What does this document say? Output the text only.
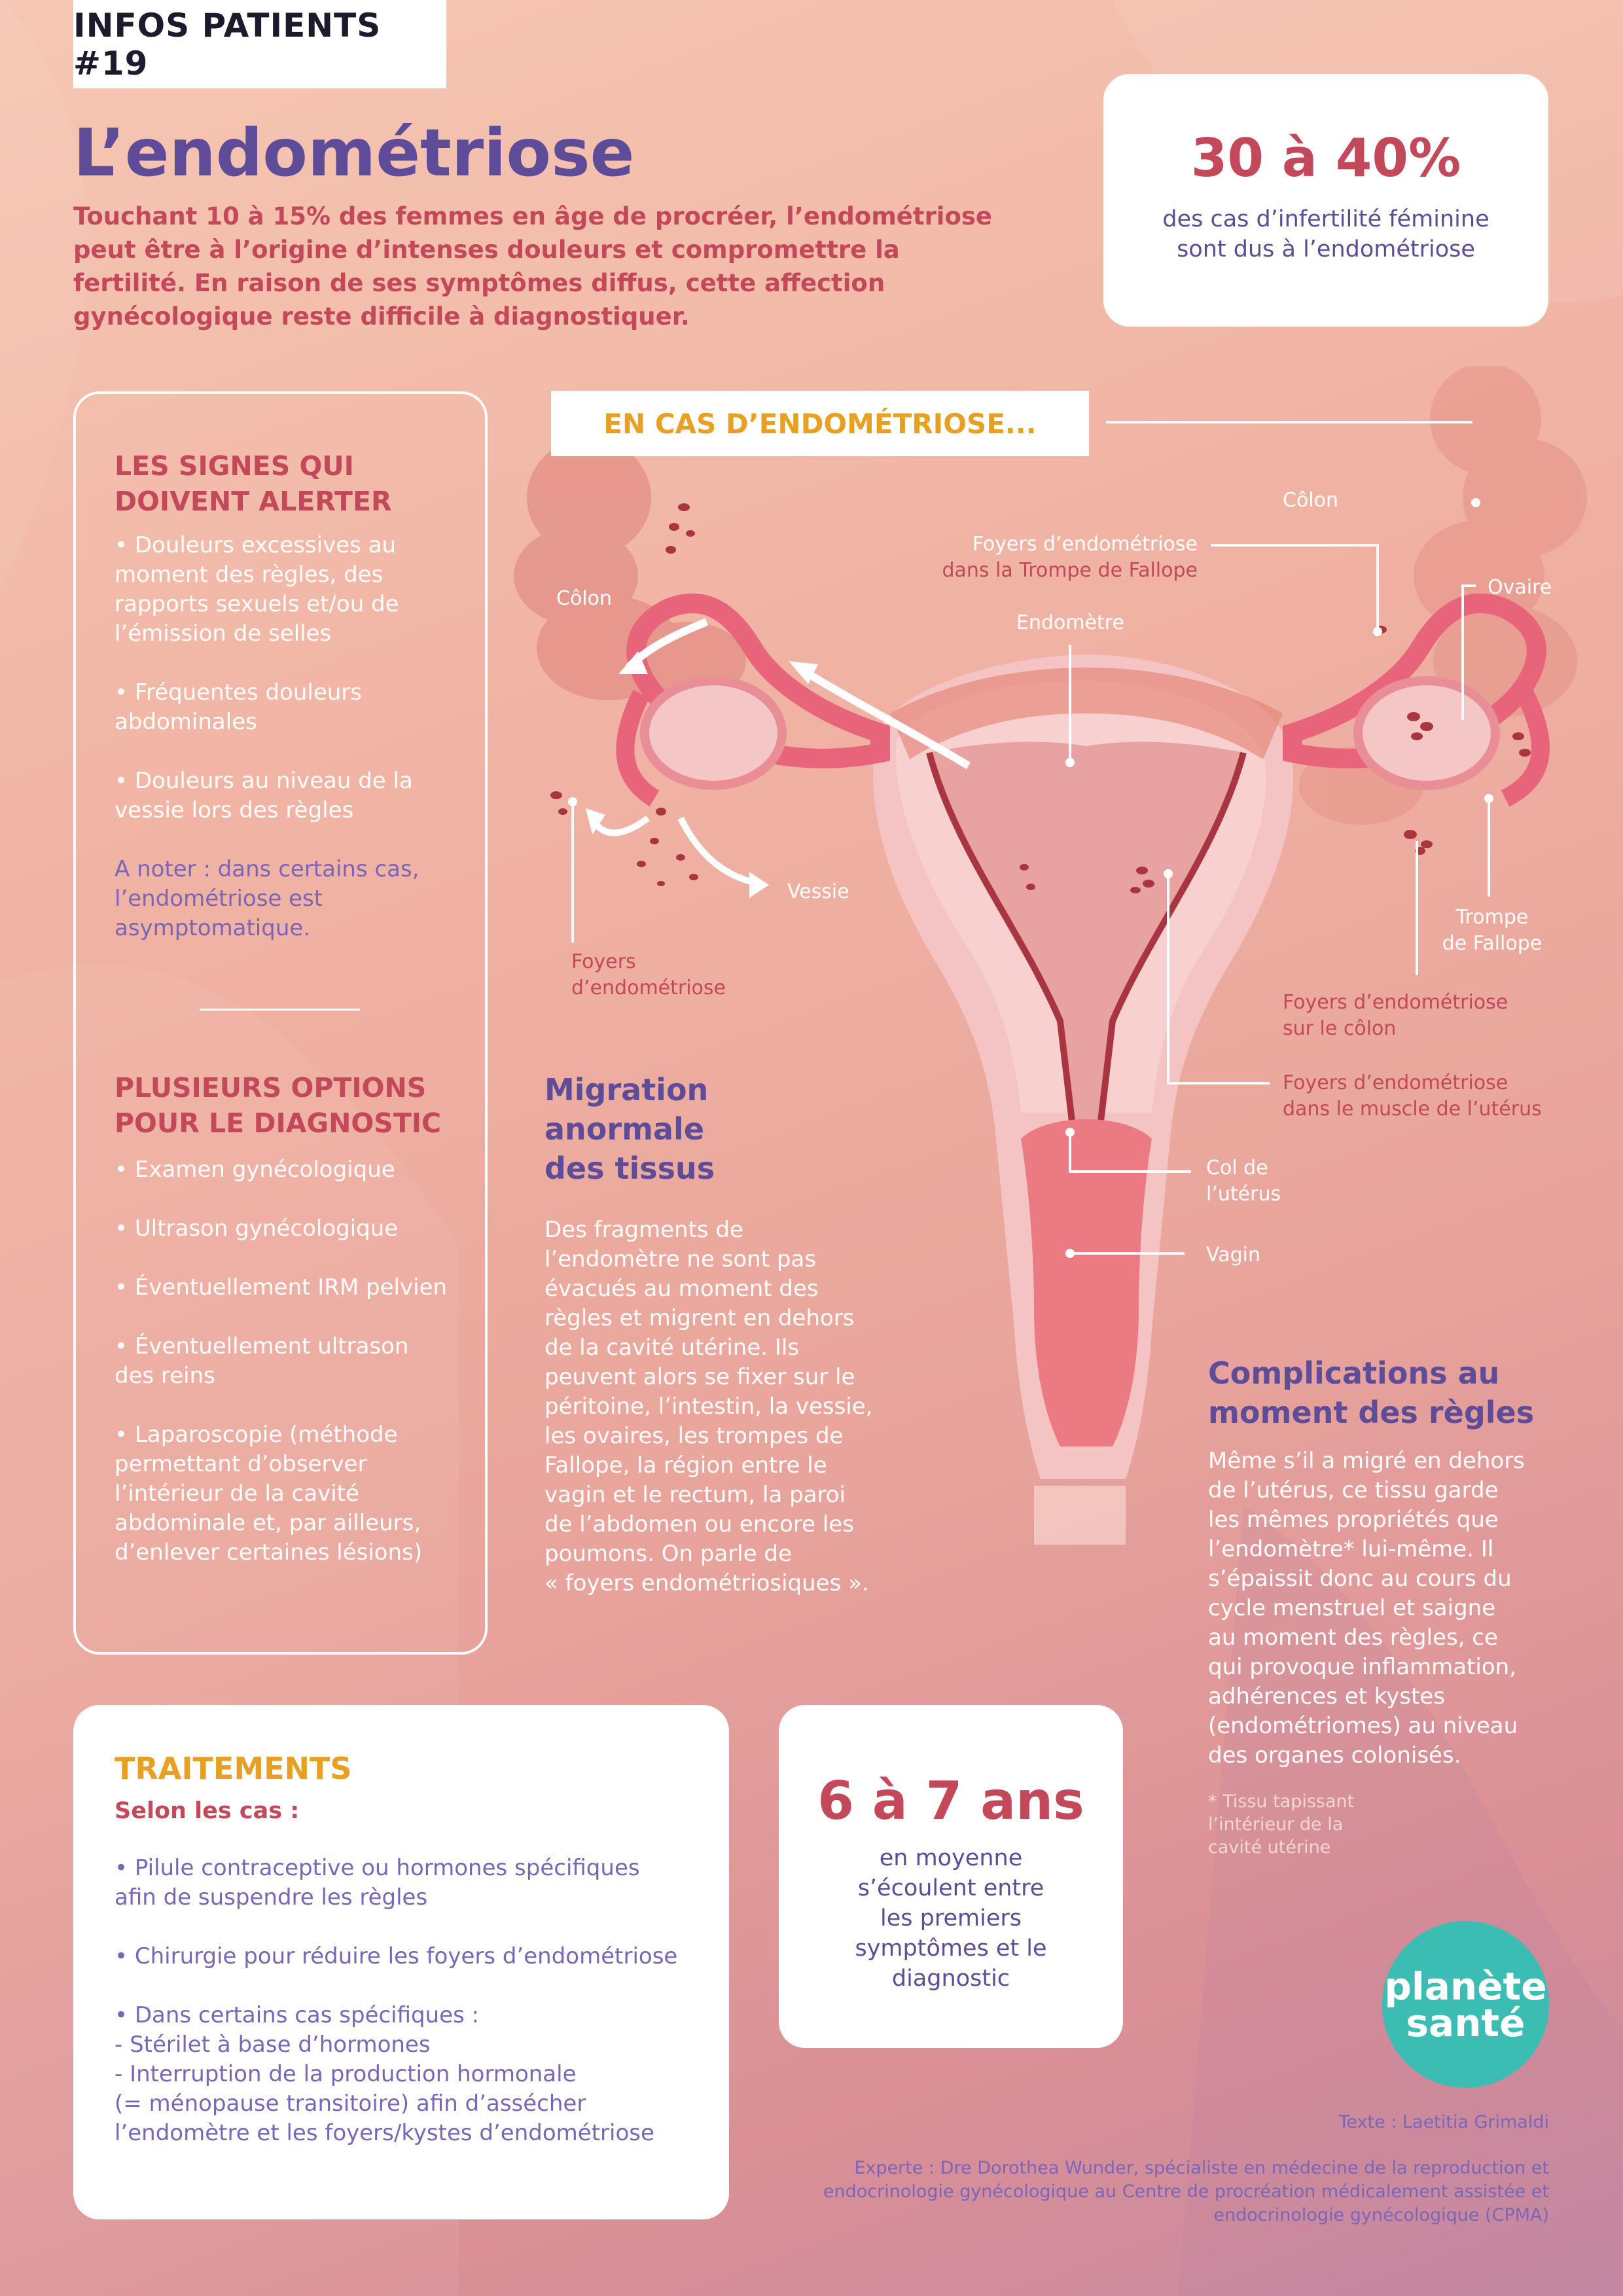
INFOS PATIENTS #19
L’endométriose
Touchant 10 à 15% des femmes en âge de procréer, l’endométriose peut être à l’origine d’intenses douleurs et compromettre la fertilité. En raison de ses symptômes diffus, cette affection gynécologique reste difficile à diagnostiquer.
30 à 40%
des cas d’infertilité féminine
sont dus à l’endométriose
LES SIGNES QUI
DOIVENT ALERTER
• Douleurs excessives au
moment des règles, des
rapports sexuels et/ou de
l’émission de selles
• Fréquentes douleurs
abdominales
• Douleurs au niveau de la
vessie lors des règles
A noter : dans certains cas,
l’endométriose est
asymptomatique.
PLUSIEURS OPTIONS
POUR LE DIAGNOSTIC
• Examen gynécologique
• Ultrason gynécologique
• Éventuellement IRM pelvien
• Éventuellement ultrason
des reins
• Laparoscopie (méthode
permettant d’observer
l’intérieur de la cavité
abdominale et, par ailleurs,
d’enlever certaines lésions)
EN CAS D’ENDOMÉTRIOSE...
Côlon
Côlon
Foyers d’endométriose
dans la Trompe de Fallope
Endomètre
Ovaire
Vessie
Foyers
d’endométriose
Trompe
de Fallope
Foyers d’endométriose
sur le côlon
Foyers d’endométriose
dans le muscle de l’utérus
Col de
l’utérus
Vagin
Migration
anormale
des tissus
Des fragments de
l’endomètre ne sont pas
évacués au moment des
règles et migrent en dehors
de la cavité utérine. Ils
peuvent alors se fixer sur le
péritoine, l’intestin, la vessie,
les ovaires, les trompes de
Fallope, la région entre le
vagin et le rectum, la paroi
de l’abdomen ou encore les
poumons. On parle de
« foyers endométriosiques ».
Complications au
moment des règles
Même s’il a migré en dehors
de l’utérus, ce tissu garde
les mêmes propriétés que
l’endomètre* lui-même. Il
s’épaissit donc au cours du
cycle menstruel et saigne
au moment des règles, ce
qui provoque inflammation,
adhérences et kystes
(endométriomes) au niveau
des organes colonisés.
* Tissu tapissant
l’intérieur de la
cavité utérine
TRAITEMENTS
Selon les cas :
• Pilule contraceptive ou hormones spécifiques
afin de suspendre les règles
• Chirurgie pour réduire les foyers d’endométriose
• Dans certains cas spécifiques :
- Stérilet à base d’hormones
- Interruption de la production hormonale
(= ménopause transitoire) afin d’assécher
l’endomètre et les foyers/kystes d’endométriose
6 à 7 ans
en moyenne
s’écoulent entre
les premiers
symptômes et le
diagnostic	planète
santé
Texte : Laetitia Grimaldi
Experte : Dre Dorothea Wunder, spécialiste en médecine de la reproduction et
endocrinologie gynécologique au Centre de procréation médicalement assistée et
endocrinologie gynécologique (CPMA)
